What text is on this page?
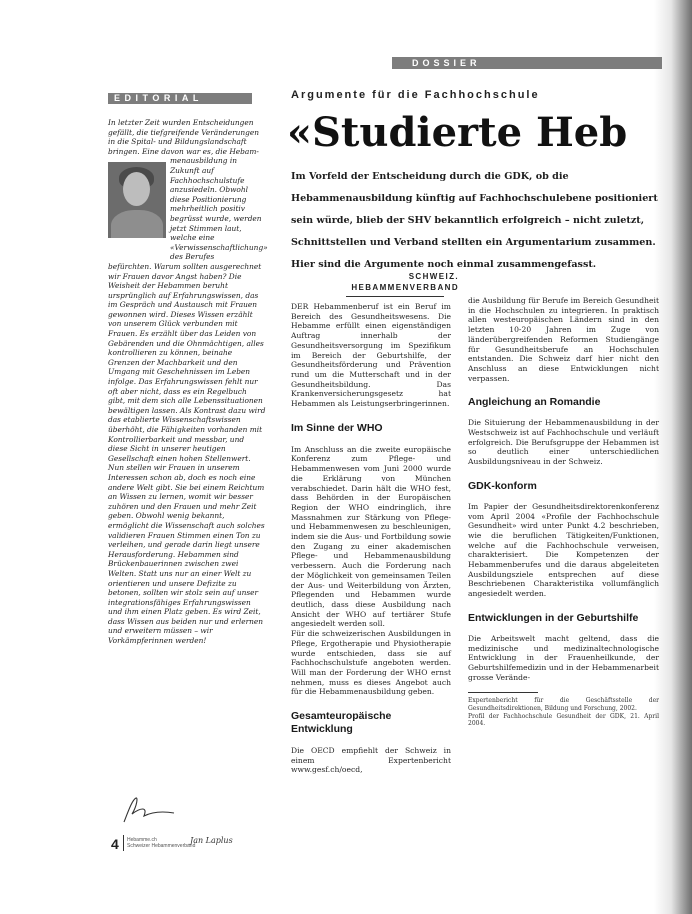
DOSSIER
EDITORIAL	Argumente für die Fachhochschule
«Studierte Heb
Im Vorfeld der Entscheidung durch die GDK, ob die Hebammenausbildung künftig auf Fachhochschulebene positioniert sein würde, blieb der SHV bekanntlich erfolgreich – nicht zuletzt, Schnittstellen und Verband stellten ein Argumentarium zusammen. Hier sind die Argumente noch einmal zusammengefasst.
SCHWEIZ.
HEBAMMENVERBAND

In letzter Zeit wurden Entscheidungen gefällt, die tiefgreifende Veränderungen in die Spital- und Bildungslandschaft bringen. Eine davon war es, die Hebam-

menausbildung in Zukunft auf Fachhochschulstufe anzusiedeln. Obwohl diese Positionierung mehrheitlich positiv begrüsst wurde, werden jetzt Stimmen laut, welche eine «Verwissenschaftlichung» des Berufes

befürchten. Warum sollten ausgerechnet wir Frauen davor Angst haben? Die Weisheit der Hebammen beruht ursprünglich auf Erfahrungswissen, das im Gespräch und Austausch mit Frauen gewonnen wird. Dieses Wissen erzählt von unserem Glück verbunden mit Frauen. Es erzählt über das Leiden von Gebärenden und die Ohnmächtigen, alles kontrollieren zu können, beinahe Grenzen der Machbarkeit und den Umgang mit Geschehnissen im Leben infolge. Das Erfahrungswissen fehlt nur oft aber nicht, dass es ein Regelbuch gibt, mit dem sich alle Lebenssituationen bewältigen lassen. Als Kontrast dazu wird das etablierte Wissenschaftswissen überhöht, die Fähigkeiten vorhanden mit Kontrollierbarkeit und messbar, und diese Sicht in unserer heutigen Gesellschaft einen hohen Stellenwert. Nun stellen wir Frauen in unserem Interessen schon ab, doch es noch eine andere Welt gibt. Sie bei einem Reichtum an Wissen zu lernen, womit wir besser zuhören und den Frauen und mehr Zeit geben. Obwohl wenig bekannt, ermöglicht die Wissenschaft auch solches validieren Frauen Stimmen einen Ton zu verleihen, und gerade darin liegt unsere Herausforderung. Hebammen sind Brückenbauerinnen zwischen zwei Welten. Statt uns nur an einer Welt zu orientieren und unsere Defizite zu betonen, sollten wir stolz sein auf unser integrationsfähiges Erfahrungswissen und ihm einen Platz geben. Es wird Zeit, dass Wissen aus beiden nur und erlernen und erweitern müssen – wir Vorkämpferinnen werden!

Jan Laplus
4 Hebamme.ch
Schweizer Hebammenverband

DER Hebammenberuf ist ein Beruf im Bereich des Gesundheitswesens. Die Hebamme erfüllt einen eigenständigen Auftrag innerhalb der Gesundheitsversorgung im Spezifikum im Bereich der Geburtshilfe, der Gesundheitsförderung und Prävention rund um die Mutterschaft und in der Gesundheitsbildung. Das Krankenversicherungsgesetz hat Hebammen als Leistungserbringerinnen.

Im Sinne der WHO

Im Anschluss an die zweite europäische Konferenz zum Pflege- und Hebammenwesen vom Juni 2000 wurde die Erklärung von München verabschiedet. Darin hält die WHO fest, dass Behörden in der Europäischen Region der WHO eindringlich, ihre Massnahmen zur Stärkung von Pflege- und Hebammenwesen zu beschleunigen, indem sie die Aus- und Fortbildung sowie den Zugang zu einer akademischen Pflege- und Hebammenausbildung verbessern. Auch die Forderung nach der Möglichkeit von gemeinsamen Teilen der Aus- und Weiterbildung von Ärzten, Pflegenden und Hebammen wurde deutlich, dass diese Ausbildung nach Ansicht der WHO auf tertiärer Stufe angesiedelt werden soll.

Für die schweizerischen Ausbildungen in Pflege, Ergotherapie und Physiotherapie wurde entschieden, dass sie auf Fachhochschulstufe angeboten werden. Will man der Forderung der WHO ernst nehmen, muss es dieses Angebot auch für die Hebammenausbildung geben.

Gesamteuropäische Entwicklung

Die OECD empfiehlt der Schweiz in einem Expertenbericht www.gesf.ch/oecd,

die Ausbildung für Berufe im Bereich Gesundheit in die Hochschulen zu integrieren. In praktisch allen westeuropäischen Ländern sind in den letzten 10-20 Jahren im Zuge von länderübergreifenden Reformen Studiengänge für Gesundheitsberufe an Hochschulen entstanden. Die Schweiz darf hier nicht den Anschluss an diese Entwicklungen nicht verpassen.

Angleichung an Romandie

Die Situierung der Hebammenausbildung in der Westschweiz ist auf Fachhochschule und verläuft erfolgreich. Die Berufsgruppe der Hebammen ist so deutlich einer unterschiedlichen Ausbildungsniveau in der Schweiz.

GDK-konform

Im Papier der Gesundheitsdirektorenkonferenz vom April 2004 «Profile der Fachhochschule Gesundheit» wird unter Punkt 4.2 beschrieben, wie die beruflichen Tätigkeiten/Funktionen, welche auf die Fachhochschule verweisen, charakterisiert. Die Kompetenzen der Hebammenberufes und die daraus abgeleiteten Ausbildungsziele entsprechen auf diese Beschriebenen Charakteristika vollumfänglich angesiedelt werden.

Entwicklungen in der Geburtshilfe

Die Arbeitswelt macht geltend, dass die medizinische und medizinaltechnologische Entwicklung in der Frauenheilkunde, der Geburtshilfemedizin und in der Hebammenarbeit grosse Verände-

Expertenbericht für die Geschäftsstelle der Gesundheitsdirektionen, Bildung und Forschung, 2002.
Profil der Fachhochschule Gesundheit der GDK, 21. April 2004.
